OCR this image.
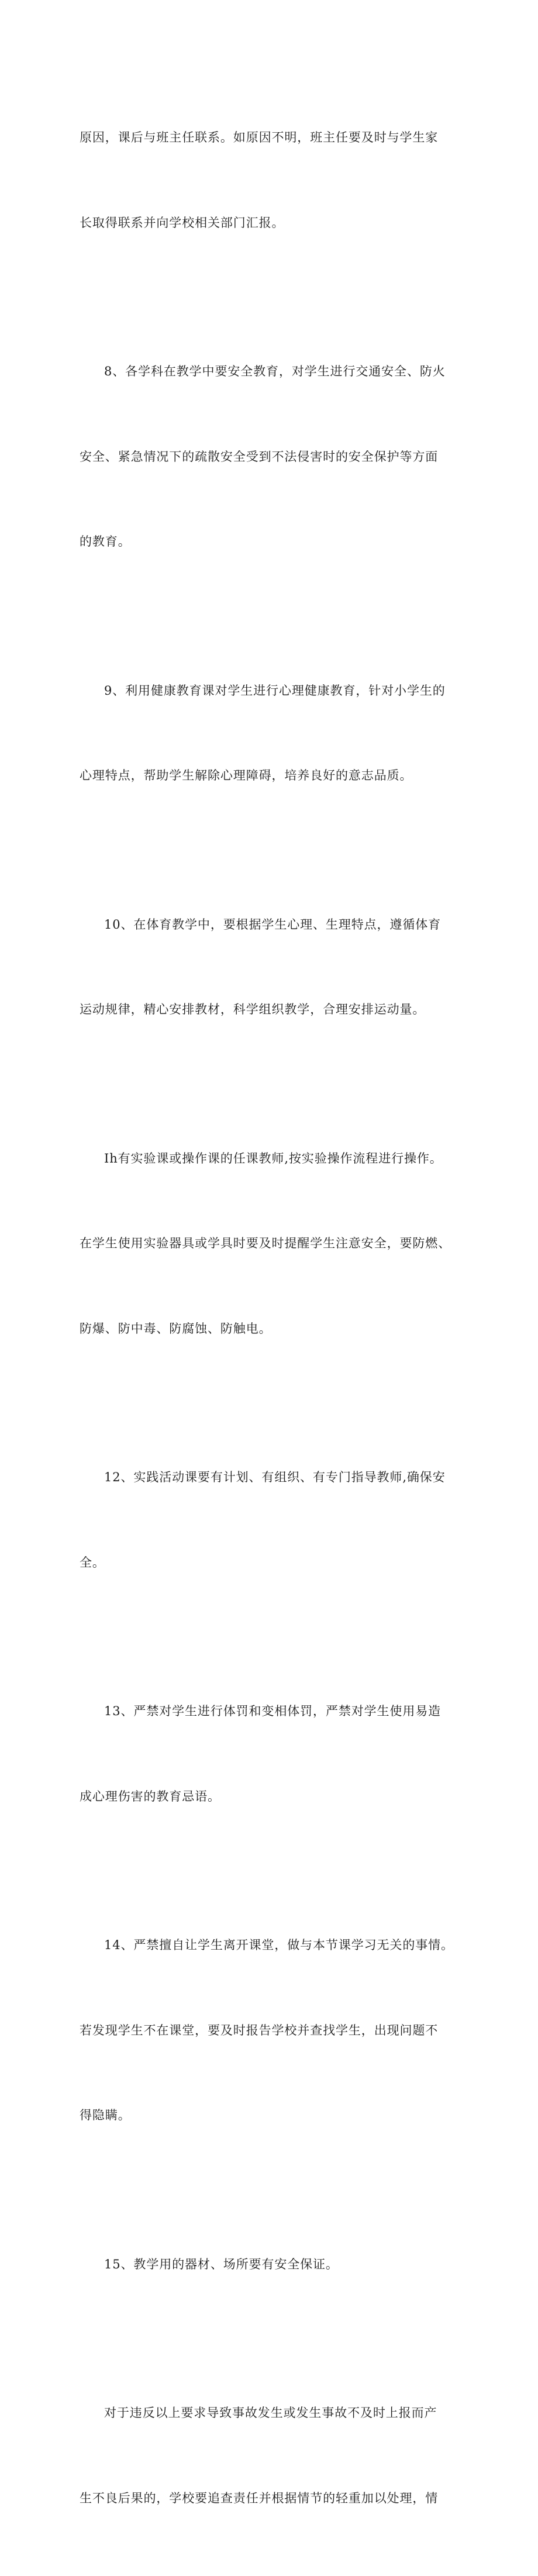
原因，课后与班主任联系。如原因不明，班主任要及时与学生家

长取得联系并向学校相关部门汇报。

8、各学科在教学中要安全教育，对学生进行交通安全、防火

安全、紧急情况下的疏散安全受到不法侵害时的安全保护等方面

的教育。

9、利用健康教育课对学生进行心理健康教育，针对小学生的

心理特点，帮助学生解除心理障碍，培养良好的意志品质。

10、在体育教学中，要根据学生心理、生理特点，遵循体育

运动规律，精心安排教材，科学组织教学，合理安排运动量。

Ih有实验课或操作课的任课教师,按实验操作流程进行操作。

在学生使用实验器具或学具时要及时提醒学生注意安全，要防燃、

防爆、防中毒、防腐蚀、防触电。

12、实践活动课要有计划、有组织、有专门指导教师,确保安

全。

13、严禁对学生进行体罚和变相体罚，严禁对学生使用易造

成心理伤害的教育忌语。

14、严禁擅自让学生离开课堂，做与本节课学习无关的事情。

若发现学生不在课堂，要及时报告学校并查找学生，出现问题不

得隐瞒。

15、教学用的器材、场所要有安全保证。

对于违反以上要求导致事故发生或发生事故不及时上报而产

生不良后果的，学校要追查责任并根据情节的轻重加以处理，情
